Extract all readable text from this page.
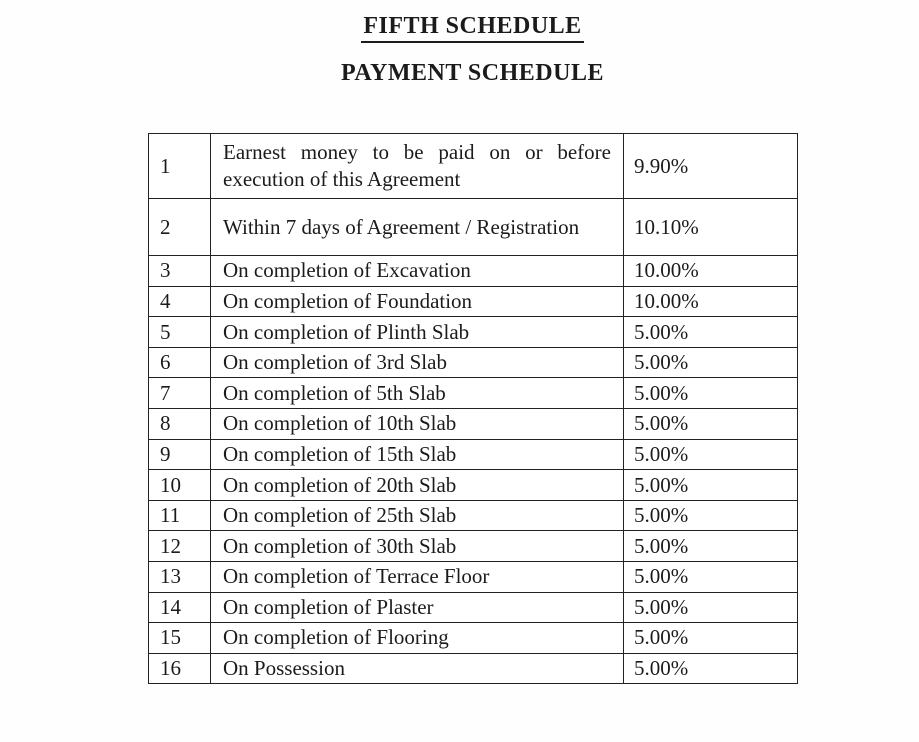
FIFTH SCHEDULE
PAYMENT SCHEDULE
1	Earnest money to be paid on or before execution of this Agreement	9.90%
2	Within 7 days of Agreement / Registration	10.10%
3	On completion of Excavation	10.00%
4	On completion of Foundation	10.00%
5	On completion of Plinth Slab	5.00%
6	On completion of 3rd Slab	5.00%
7	On completion of 5th Slab	5.00%
8	On completion of 10th Slab	5.00%
9	On completion of 15th Slab	5.00%
10	On completion of 20th Slab	5.00%
11	On completion of 25th Slab	5.00%
12	On completion of 30th Slab	5.00%
13	On completion of Terrace Floor	5.00%
14	On completion of Plaster	5.00%
15	On completion of Flooring	5.00%
16	On Possession	5.00%
